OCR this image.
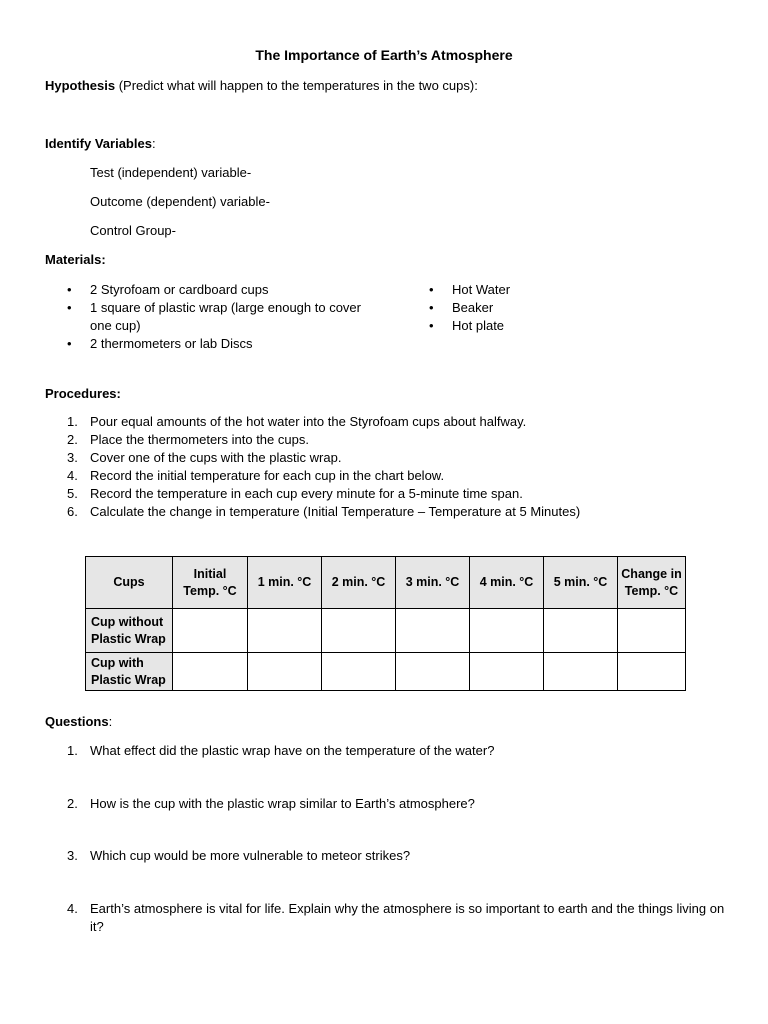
The Importance of Earth’s Atmosphere
Hypothesis (Predict what will happen to the temperatures in the two cups):
Identify Variables:
Test (independent) variable-
Outcome (dependent) variable-
Control Group-
Materials:
• 2 Styrofoam or cardboard cups
• 1 square of plastic wrap (large enough to cover one cup)
• 2 thermometers or lab Discs
• Hot Water
• Beaker
• Hot plate
Procedures:
1. Pour equal amounts of the hot water into the Styrofoam cups about halfway.
2. Place the thermometers into the cups.
3. Cover one of the cups with the plastic wrap.
4. Record the initial temperature for each cup in the chart below.
5. Record the temperature in each cup every minute for a 5-minute time span.
6. Calculate the change in temperature (Initial Temperature – Temperature at 5 Minutes)
Cups	Initial Temp. °C	1 min. °C	2 min. °C	3 min. °C	4 min. °C	5 min. °C	Change in Temp. °C
Cup without Plastic Wrap							
Cup with Plastic Wrap							
Questions:
1. What effect did the plastic wrap have on the temperature of the water?
2. How is the cup with the plastic wrap similar to Earth’s atmosphere?
3. Which cup would be more vulnerable to meteor strikes?
4. Earth’s atmosphere is vital for life. Explain why the atmosphere is so important to earth and the things living on it?
